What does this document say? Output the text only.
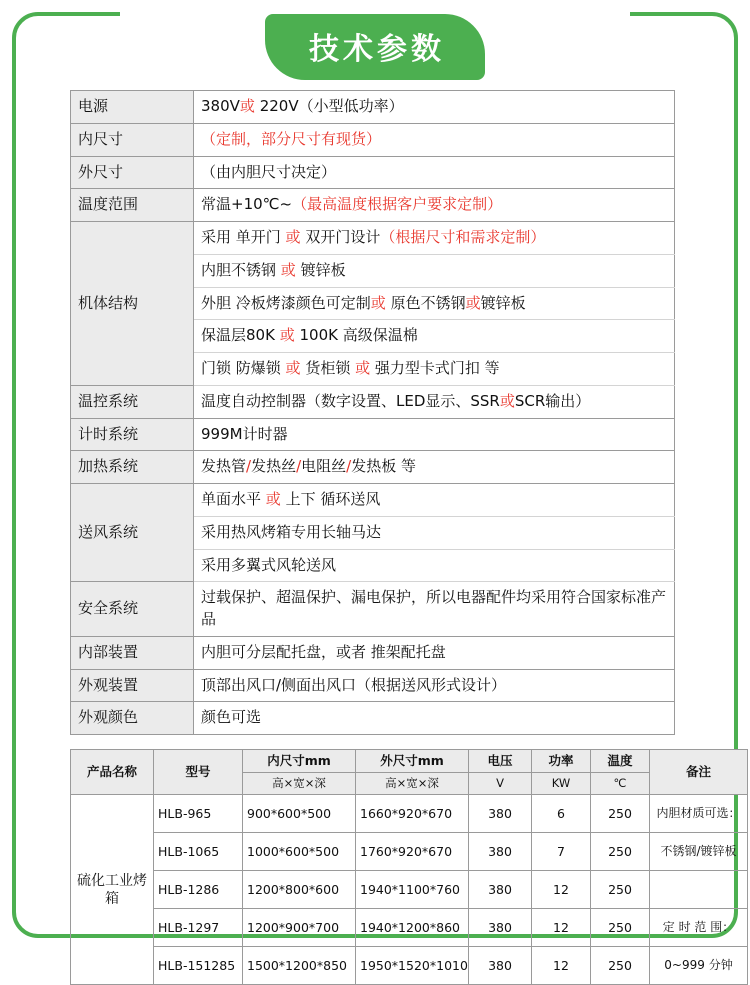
技术参数
电源	380V或 220V（小型低功率）
内尺寸	（定制，部分尺寸有现货）
外尺寸	（由内胆尺寸决定）
温度范围	常温+10℃~（最高温度根据客户要求定制）
机体结构	采用 单开门 或 双开门设计（根据尺寸和需求定制）
	内胆不锈钢 或 镀锌板
	外胆 冷板烤漆颜色可定制或 原色不锈钢或镀锌板
	保温层80K 或 100K 高级保温棉
	门锁 防爆锁 或 货柜锁 或 强力型卡式门扣 等
温控系统	温度自动控制器（数字设置、LED显示、SSR或SCR输出）
计时系统	999M计时器
加热系统	发热管/发热丝/电阻丝/发热板 等
送风系统	单面水平 或 上下 循环送风
	采用热风烤箱专用长轴马达
	采用多翼式风轮送风
安全系统	过载保护、超温保护、漏电保护，所以电器配件均采用符合国家标准产品
内部装置	内胆可分层配托盘，或者 推架配托盘
外观装置	顶部出风口/侧面出风口（根据送风形式设计）
外观颜色	颜色可选
产品名称	型号	内尺寸mm	外尺寸mm	电压	功率	温度	备注
		高×宽×深	高×宽×深	V	KW	℃	
硫化工业烤箱	HLB-965	900*600*500	1660*920*670	380	6	250	内胆材质可选：
	HLB-1065	1000*600*500	1760*920*670	380	7	250	不锈钢/镀锌板
	HLB-1286	1200*800*600	1940*1100*760	380	12	250	
	HLB-1297	1200*900*700	1940*1200*860	380	12	250	定 时 范 围：
	HLB-151285	1500*1200*850	1950*1520*1010	380	12	250	0~999 分钟
